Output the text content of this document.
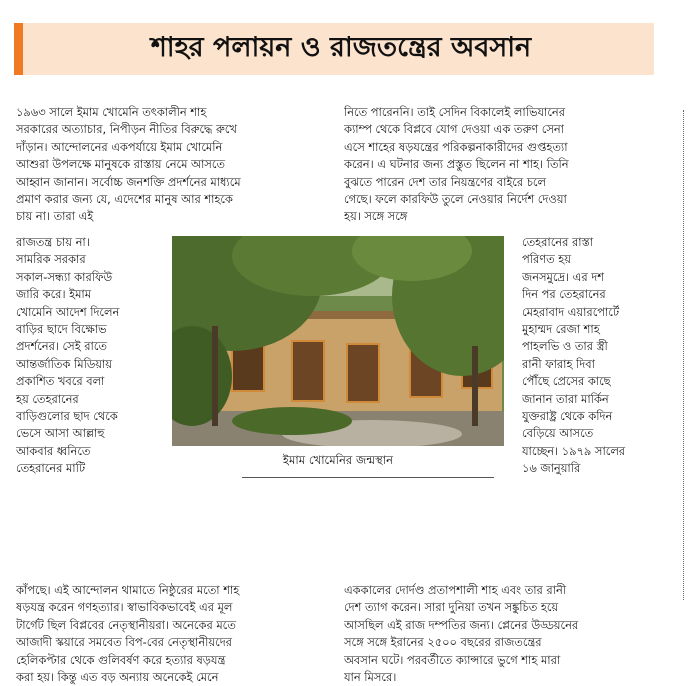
শাহর পলায়ন ও রাজতন্ত্রের অবসান

১৯৬৩ সালে ইমাম খোমেনি তৎকালীন শাহ

সরকারের অত্যাচার, নিপীড়ন নীতির বিরুদ্ধে রুখে

দাঁড়ান। আন্দোলনের একপর্যায়ে ইমাম খোমেনি

আশুরা উপলক্ষে মানুষকে রাস্তায় নেমে আসতে

আহ্বান জানান। সর্বোচ্চ জনশক্তি প্রদর্শনের মাধ্যমে

প্রমাণ করার জন্য যে, এদেশের মানুষ আর শাহকে

চায় না। তারা এই

রাজতন্ত্র চায় না।

সামরিক সরকার

সকাল-সন্ধ্যা কারফিউ

জারি করে। ইমাম

খোমেনি আদেশ দিলেন

বাড়ির ছাদে বিক্ষোভ

প্রদর্শনের। সেই রাতে

আন্তর্জাতিক মিডিয়ায়

প্রকাশিত খবরে বলা

হয় তেহরানের

বাড়িগুলোর ছাদ থেকে

ভেসে আসা আল্লাহু

আকবার ধ্বনিতে

তেহরানের মাটি

কাঁপছে। এই আন্দোলন থামাতে নিষ্ঠুরের মতো শাহ

ষড়যন্ত্র করেন গণহত্যার। স্বাভাবিকভাবেই এর মূল

টার্গেট ছিল বিপ্লবের নেতৃস্থানীয়রা। অনেকের মতে

আজাদী স্কয়ারে সমবেত বিপ-বের নেতৃস্থানীয়দের

হেলিকপ্টার থেকে গুলিবর্ষণ করে হত্যার ষড়যন্ত্র

করা হয়। কিন্তু এত বড় অন্যায় অনেকেই মেনে

নিতে পারেননি। তাই সেদিন বিকালেই লাভিযানের

ক্যাম্প থেকে বিপ্লবে যোগ দেওয়া এক তরুণ সেনা

এসে শাহের ষড়যন্ত্রের পরিকল্পনাকারীদের গুপ্তহত্যা

করেন। এ ঘটনার জন্য প্রস্তুত ছিলেন না শাহ। তিনি

বুঝতে পারেন দেশ তার নিয়ন্ত্রণের বাইরে চলে

গেছে। ফলে কারফিউ তুলে নেওয়ার নির্দেশ দেওয়া

হয়। সঙ্গে সঙ্গে

তেহরানের রাস্তা

পরিণত হয়

জনসমুদ্রে। এর দশ

দিন পর তেহরানের

মেহরাবাদ এয়ারপোর্টে

মুহাম্মদ রেজা শাহ

পাহলভি ও তার স্ত্রী

রানী ফারাহ দিবা

পৌঁছে প্রেসের কাছে

জানান তারা মার্কিন

যুক্তরাষ্ট্র থেকে কদিন

বেড়িয়ে আসতে

যাচ্ছেন। ১৯৭৯ সালের

১৬ জানুয়ারি

এককালের দোর্দণ্ড প্রতাপশালী শাহ এবং তার রানী

দেশ ত্যাগ করেন। সারা দুনিয়া তখন সঙ্কুচিত হয়ে

আসছিল এই রাজ দম্পতির জন্য। প্লেনের উড্ডয়নের

সঙ্গে সঙ্গে ইরানের ২৫০০ বছরের রাজতন্ত্রের

অবসান ঘটে। পরবর্তীতে ক্যান্সারে ভুগে শাহ মারা

যান মিসরে।

ইমাম খোমেনির জন্মস্থান
